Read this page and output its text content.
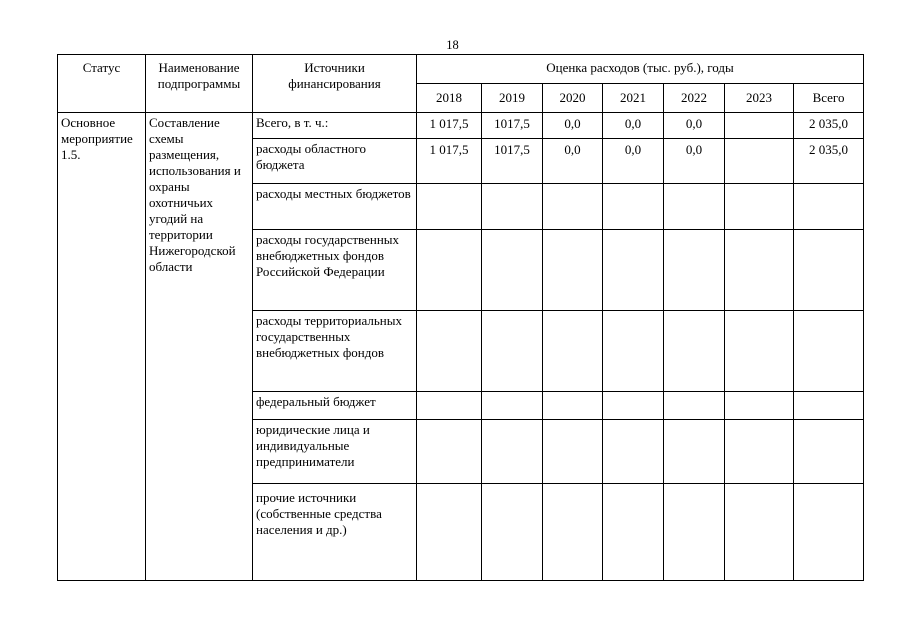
18
Статус	Наименование подпрограммы	Источники финансирования	Оценка расходов (тыс. руб.), годы						
			2018	2019	2020	2021	2022	2023	Всего
Основное мероприятие 1.5.	Составление схемы размещения, использования и охраны охотничьих угодий на территории Нижегородской области	Всего, в т. ч.:	1 017,5	1017,5	0,0	0,0	0,0		2 035,0
		расходы областного бюджета	1 017,5	1017,5	0,0	0,0	0,0		2 035,0
		расходы местных бюджетов							
		расходы государственных внебюджетных фондов Российской Федерации							
		расходы территориальных государственных внебюджетных фондов							
		федеральный бюджет							
		юридические лица и индивидуальные предприниматели							
		прочие источники (собственные средства населения и др.)							
